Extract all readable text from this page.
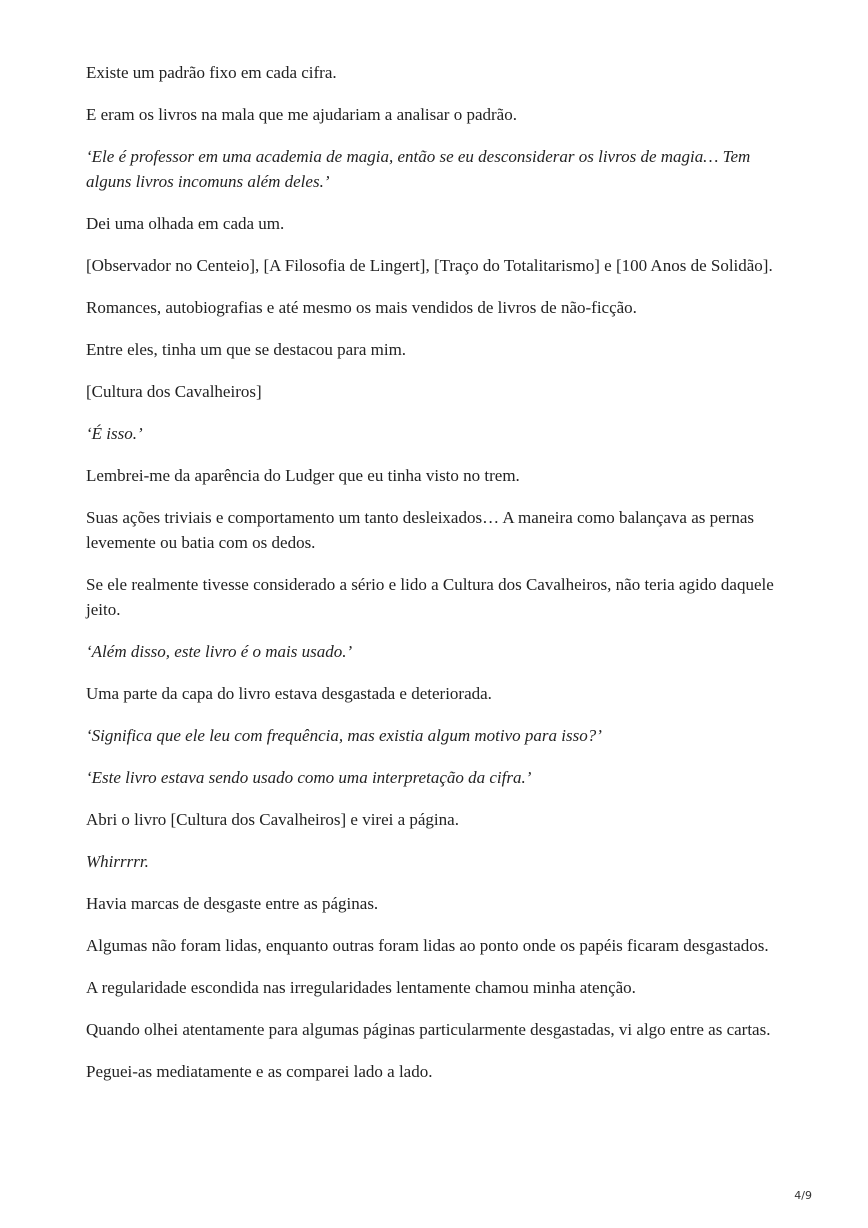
Existe um padrão fixo em cada cifra.

E eram os livros na mala que me ajudariam a analisar o padrão.

‘Ele é professor em uma academia de magia, então se eu desconsiderar os livros de magia… Tem alguns livros incomuns além deles.’

Dei uma olhada em cada um.

[Observador no Centeio], [A Filosofia de Lingert], [Traço do Totalitarismo] e [100 Anos de Solidão].

Romances, autobiografias e até mesmo os mais vendidos de livros de não-ficção.

Entre eles, tinha um que se destacou para mim.

[Cultura dos Cavalheiros]

‘É isso.’

Lembrei-me da aparência do Ludger que eu tinha visto no trem.

Suas ações triviais e comportamento um tanto desleixados… A maneira como balançava as pernas levemente ou batia com os dedos.

Se ele realmente tivesse considerado a sério e lido a Cultura dos Cavalheiros, não teria agido daquele jeito.

‘Além disso, este livro é o mais usado.’

Uma parte da capa do livro estava desgastada e deteriorada.

‘Significa que ele leu com frequência, mas existia algum motivo para isso?’

‘Este livro estava sendo usado como uma interpretação da cifra.’

Abri o livro [Cultura dos Cavalheiros] e virei a página.

Whirrrrr.

Havia marcas de desgaste entre as páginas.

Algumas não foram lidas, enquanto outras foram lidas ao ponto onde os papéis ficaram desgastados.

A regularidade escondida nas irregularidades lentamente chamou minha atenção.

Quando olhei atentamente para algumas páginas particularmente desgastadas, vi algo entre as cartas.

Peguei-as mediatamente e as comparei lado a lado.

4/9
